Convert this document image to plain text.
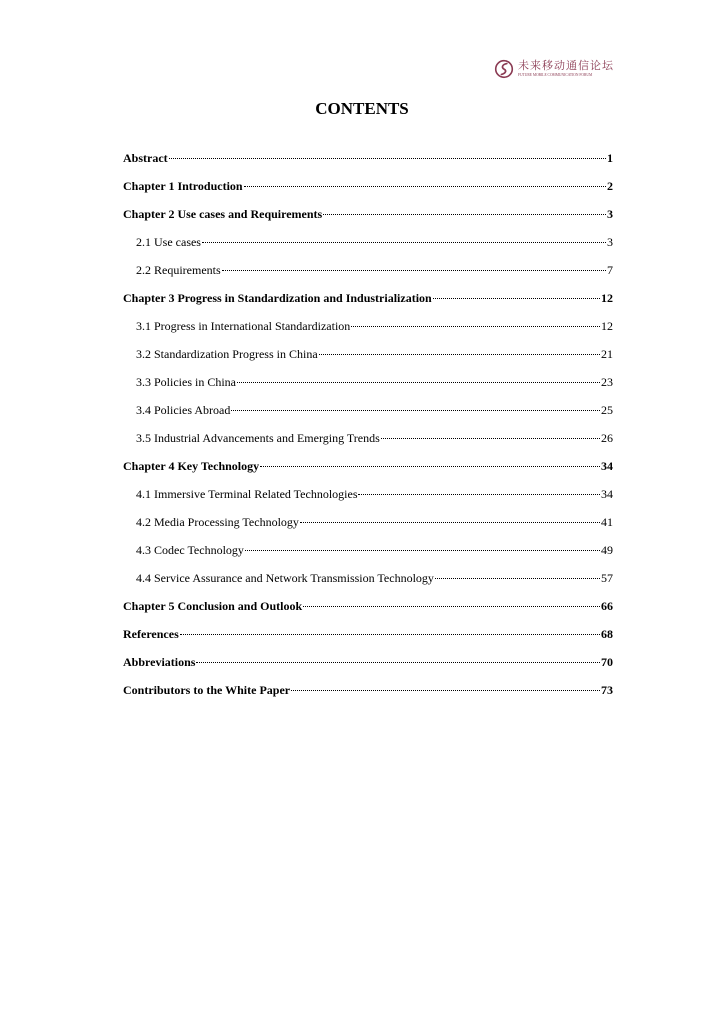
未来移动通信论坛
FUTURE MOBILE COMMUNICATION FORUM
CONTENTS
Abstract	1
Chapter 1 Introduction	2
Chapter 2 Use cases and Requirements	3
2.1 Use cases	3
2.2 Requirements	7
Chapter 3 Progress in Standardization and Industrialization	12
3.1 Progress in International Standardization	12
3.2 Standardization Progress in China	21
3.3 Policies in China	23
3.4 Policies Abroad	25
3.5 Industrial Advancements and Emerging Trends	26
Chapter 4 Key Technology	34
4.1 Immersive Terminal Related Technologies	34
4.2 Media Processing Technology	41
4.3 Codec Technology	49
4.4 Service Assurance and Network Transmission Technology	57
Chapter 5 Conclusion and Outlook	66
References	68
Abbreviations	70
Contributors to the White Paper	73
